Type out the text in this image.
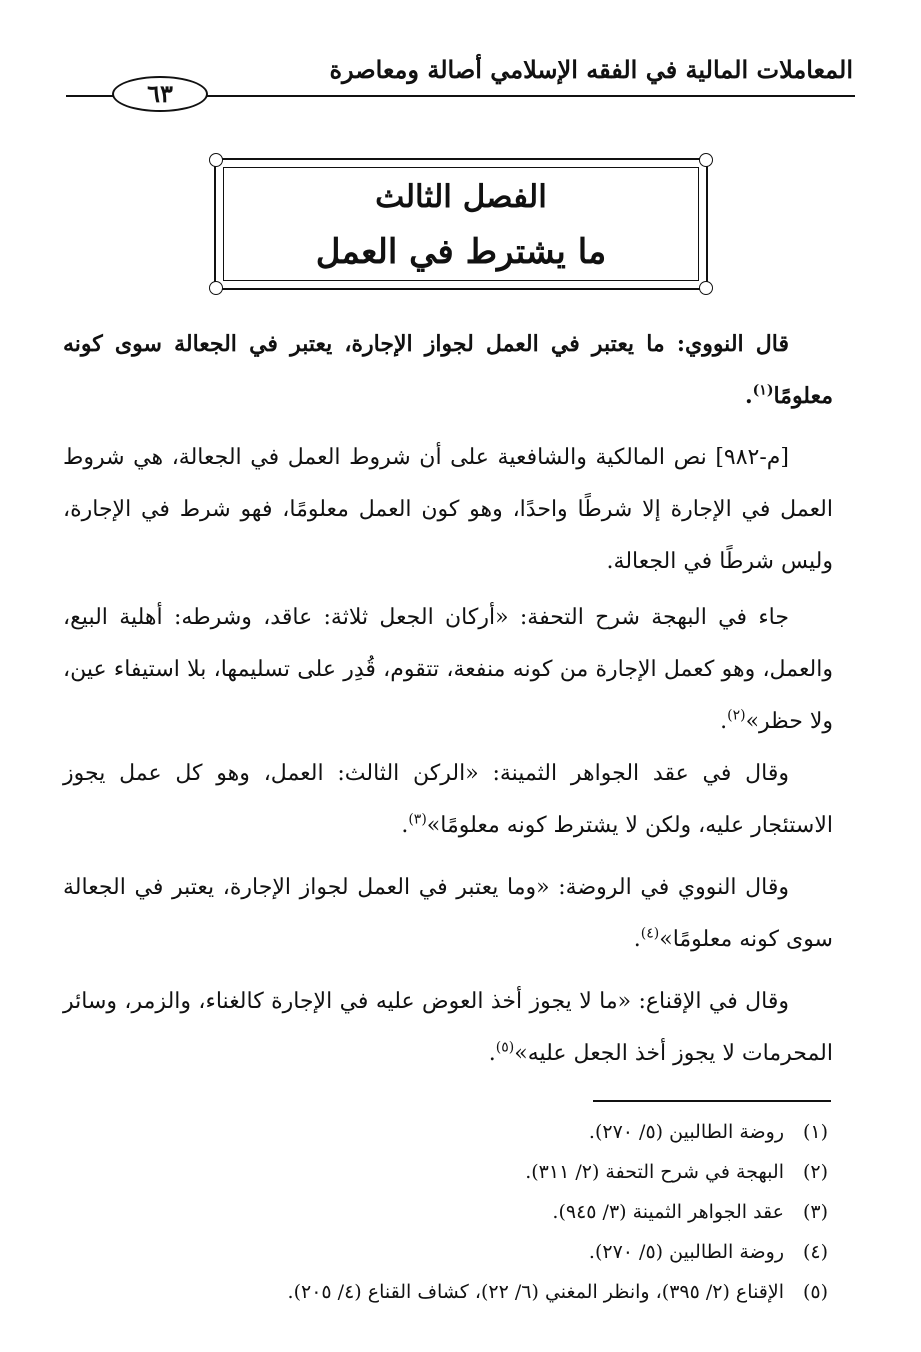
المعاملات المالية في الفقه الإسلامي أصالة ومعاصرة
٦٣
الفصل الثالث
ما يشترط في العمل

قال النووي: ما يعتبر في العمل لجواز الإجارة، يعتبر في الجعالة سوى كونه معلومًا$^{(١)}$.

[م-٩٨٢] نص المالكية والشافعية على أن شروط العمل في الجعالة، هي شروط العمل في الإجارة إلا شرطًا واحدًا، وهو كون العمل معلومًا، فهو شرط في الإجارة، وليس شرطًا في الجعالة.

جاء في البهجة شرح التحفة: «أركان الجعل ثلاثة: عاقد، وشرطه: أهلية البيع، والعمل، وهو كعمل الإجارة من كونه منفعة، تتقوم، قُدِر على تسليمها، بلا استيفاء عين، ولا حظر»$^{(٢)}$.

وقال في عقد الجواهر الثمينة: «الركن الثالث: العمل، وهو كل عمل يجوز الاستئجار عليه، ولكن لا يشترط كونه معلومًا»$^{(٣)}$.

وقال النووي في الروضة: «وما يعتبر في العمل لجواز الإجارة، يعتبر في الجعالة سوى كونه معلومًا»$^{(٤)}$.

وقال في الإقناع: «ما لا يجوز أخذ العوض عليه في الإجارة كالغناء، والزمر، وسائر المحرمات لا يجوز أخذ الجعل عليه»$^{(٥)}$.

(١)روضة الطالبين (٥/ ٢٧٠).
(٢)البهجة في شرح التحفة (٢/ ٣١١).
(٣)عقد الجواهر الثمينة (٣/ ٩٤٥).
(٤)روضة الطالبين (٥/ ٢٧٠).
(٥)الإقناع (٢/ ٣٩٥)، وانظر المغني (٦/ ٢٢)، كشاف القناع (٤/ ٢٠٥).
